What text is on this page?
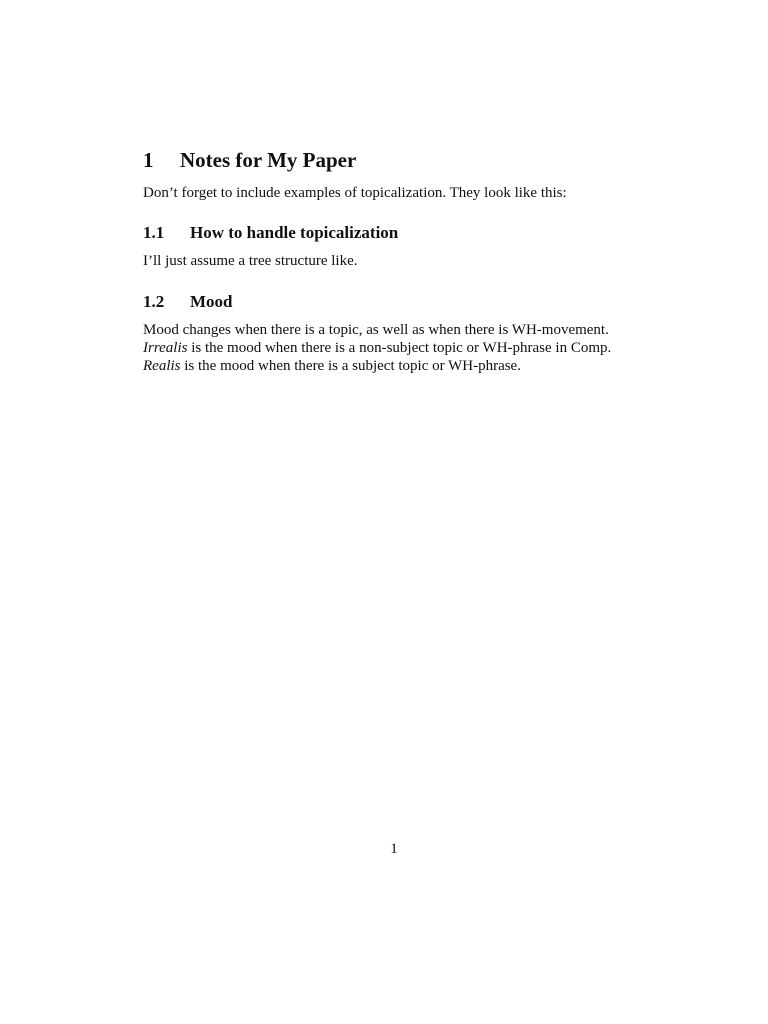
1	Notes for My Paper

Don’t forget to include examples of topicalization. They look like this:

1.1	How to handle topicalization

I’ll just assume a tree structure like.

1.2	Mood

Mood changes when there is a topic, as well as when there is WH-movement.

Irrealis is the mood when there is a non-subject topic or WH-phrase in Comp.

Realis is the mood when there is a subject topic or WH-phrase.

1
